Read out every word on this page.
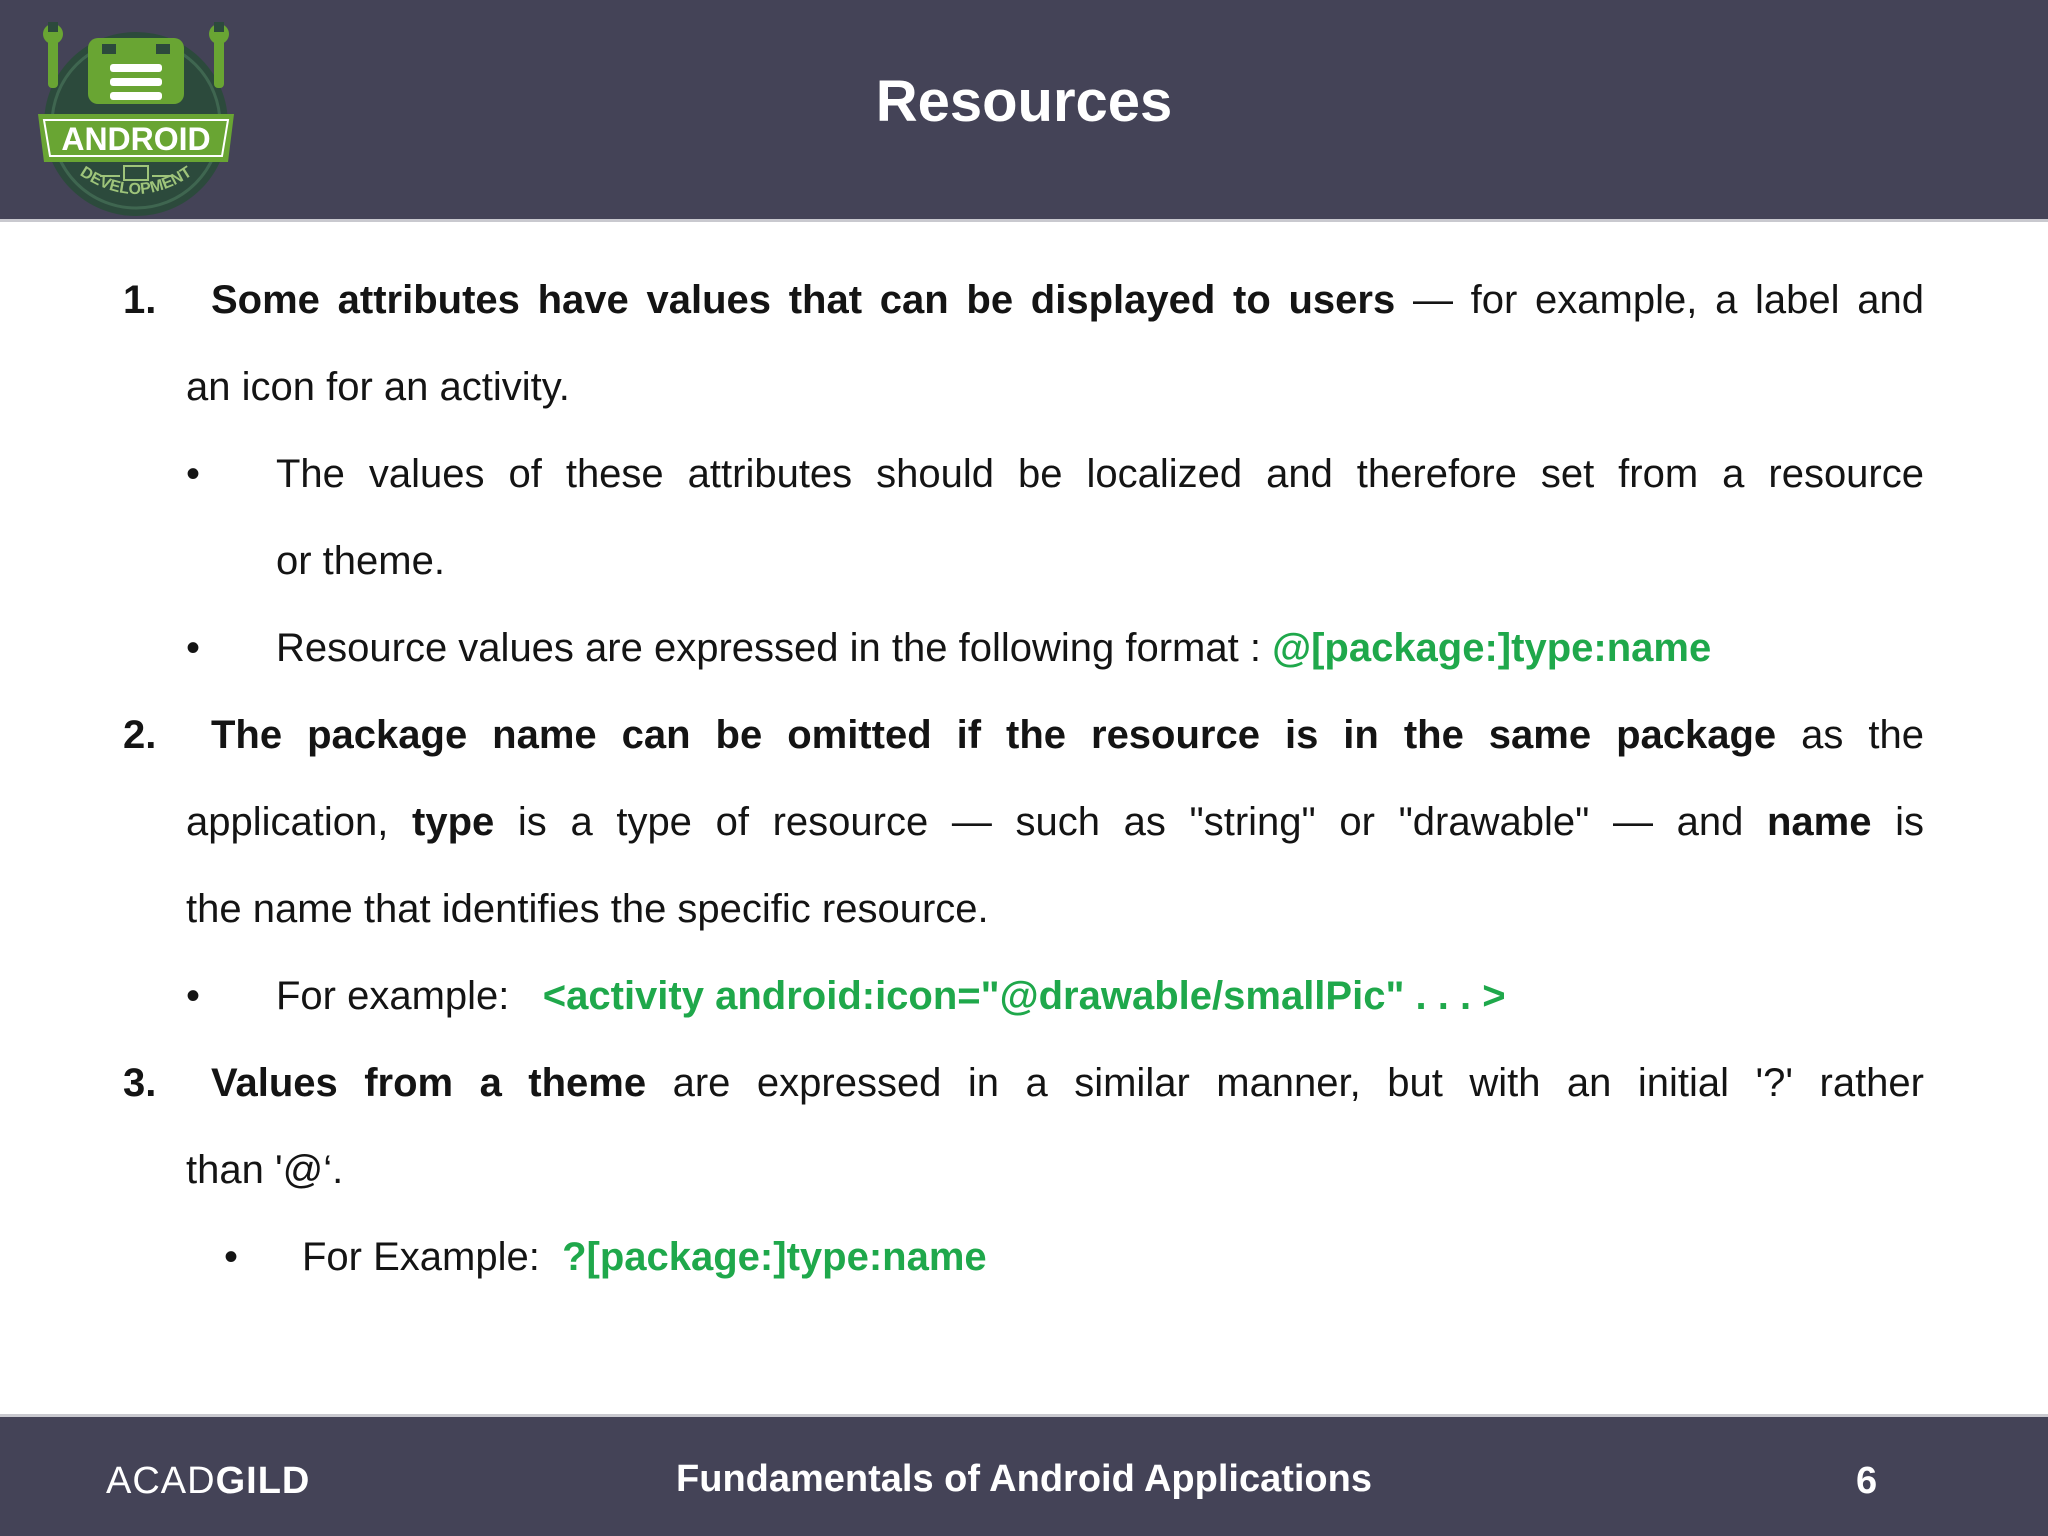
ANDROID
DEVELOPMENT
Resources
1. Some attributes have values that can be displayed to users — for example, a label and
an icon for an activity.
• The values of these attributes should be localized and therefore set from a resource
or theme.
• Resource values are expressed in the following format : @[package:]type:name
2. The package name can be omitted if the resource is in the same package as the
application, type is a type of resource — such as "string" or "drawable" — and name is
the name that identifies the specific resource.
• For example:   <activity android:icon="@drawable/smallPic" . . . >
3. Values from a theme are expressed in a similar manner, but with an initial '?' rather
than '@‘.
• For Example:  ?[package:]type:name
ACADGILD	Fundamentals of Android Applications	6
